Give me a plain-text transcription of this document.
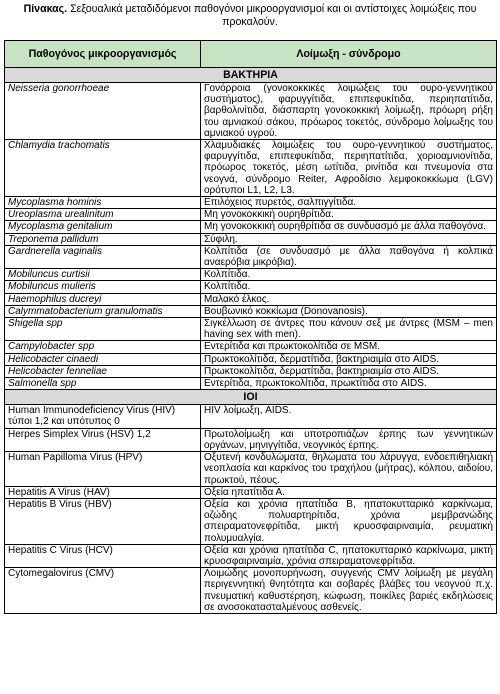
Πίνακας. Σεξουαλικά μεταδιδόμενοι παθογόνοι μικροοργανισμοί και οι αντίστοιχες λοιμώξεις που προκαλούν.
Παθογόνος μικροοργανισμός	Λοίμωξη - σύνδρομο
ΒΑΚΤΗΡΙΑ	
Neisseria gonorrhoeae	Γονόρροια (γονοκοκκικές λοιμώξεις του ουρο-γεννητικού συστήματος), φαρυγγίτιδα, επιπεφυκίτιδα, περιηπατίτιδα, βαρθολινίτιδα, διάσπαρτη γονοκοκκική λοίμωξη, πρόωρη ρήξη του αμνιακού σάκου, πρόωρος τοκετός, σύνδρομο λοίμωξης του αμνιακού υγρού.
Chlamydia trachomatis	Χλαμυδιακές λοιμώξεις του ουρο-γεννητικού συστήματος, φαρυγγίτιδα, επιπεφυκίτιδα, περιηπατίτιδα, χοριοαμνιονίτιδα, πρόωρος τοκετός, μέση ωτίτιδα, ρινίτιδα και πνευμονία στα νεογνά, σύνδρομο Reiter, Αφροδίσιο λεμφοκοκκίωμα (LGV) ορότυποι L1, L2, L3.
Mycoplasma hominis	Επιλόχειος πυρετός, σαλπιγγίτιδα.
Ureoplasma urealinitum	Μη γονοκοκκική ουρηθρίτιδα.
Mycoplasma genitalium	Μη γονοκοκκική ουρηθρίτιδα σε συνδυασμό με άλλα παθογόνα.
Treponema pallidum	Σύφιλη.
Gardnerella vaginalis	Κολπίτιδα (σε συνδυασμό με άλλα παθογόνα ή κολπικά αναερόβια μικρόβια).
Mobiluncus curtisii	Κολπίτιδα.
Mobiluncus mulieris	Κολπίτιδα.
Haemophilus ducreyi	Μαλακό έλκος.
Calymmatobacterium granulomatis	Βουβωνικό κοκκίωμα (Donovanosis).
Shigella spp	Σιγκέλλωση σε άντρες που κάνουν σεξ με άντρες (MSM – men having sex with men).
Campylobacter spp	Εντερίτιδα και πρωκτοκολίτιδα σε MSM.
Helicobacter cinaedi	Πρωκτοκολίτιδα, δερματίτιδα, βακτηριαιμία στο AIDS.
Helicobacter fenneliae	Πρωκτοκολίτιδα, δερματίτιδα, βακτηριαιμία στο AIDS.
Salmonella spp	Εντερίτιδα, πρωκτοκολίτιδα, πρωκτίτιδα στο AIDS.
ΙΟΙ	
Human Immunodeficiency Virus (HIV) τύποι 1,2 και υπότυπος 0	HIV λοίμωξη, AIDS.
Herpes Simplex Virus (HSV) 1,2	Πρωτολοίμωξη και υποτροπιάζων έρπης των γεννητικών οργάνων, μηνιγγίτιδα, νεογνικός έρπης.
Human Papilloma Virus (HPV)	Οξυτενή κονδυλώματα, θηλώματα του λάρυγγα, ενδοεπιθηλιακή νεοπλασία και καρκίνος του τραχήλου (μήτρας), κόλπου, αιδοίου, πρωκτού, πέους.
Hepatitis A Virus (HAV)	Οξεία ηπατίτιδα Α.
Hepatitis B Virus (HBV)	Οξεία και χρόνια ηπατίτιδα Β, ηπατοκυτταρικό καρκίνωμα, οζώδης πολυαρτηρίτιδα, χρόνια μεμβρανώδης σπειραματονεφρίτιδα, μικτή κρυοσφαιριναιμία, ρευματική πολυμυαλγία.
Hepatitis C Virus (HCV)	Οξεία και χρόνια ηπατίτιδα C, ηπατοκυτταρικό καρκίνωμα, μικτή κρυοσφαιριναιμία, χρόνια σπειραματονεφρίτιδα.
Cytomegalovirus (CMV)	Λοιμώδης μονοπυρήνωση, συγγενής CMV λοίμωξη με μεγάλη περιγεννητική θνητότητα και σοβαρές βλάβες του νεογνού π.χ. πνευματική καθυστέρηση, κώφωση, ποικίλες βαριές εκδηλώσεις σε ανοσοκατασταλμένους ασθενείς.
